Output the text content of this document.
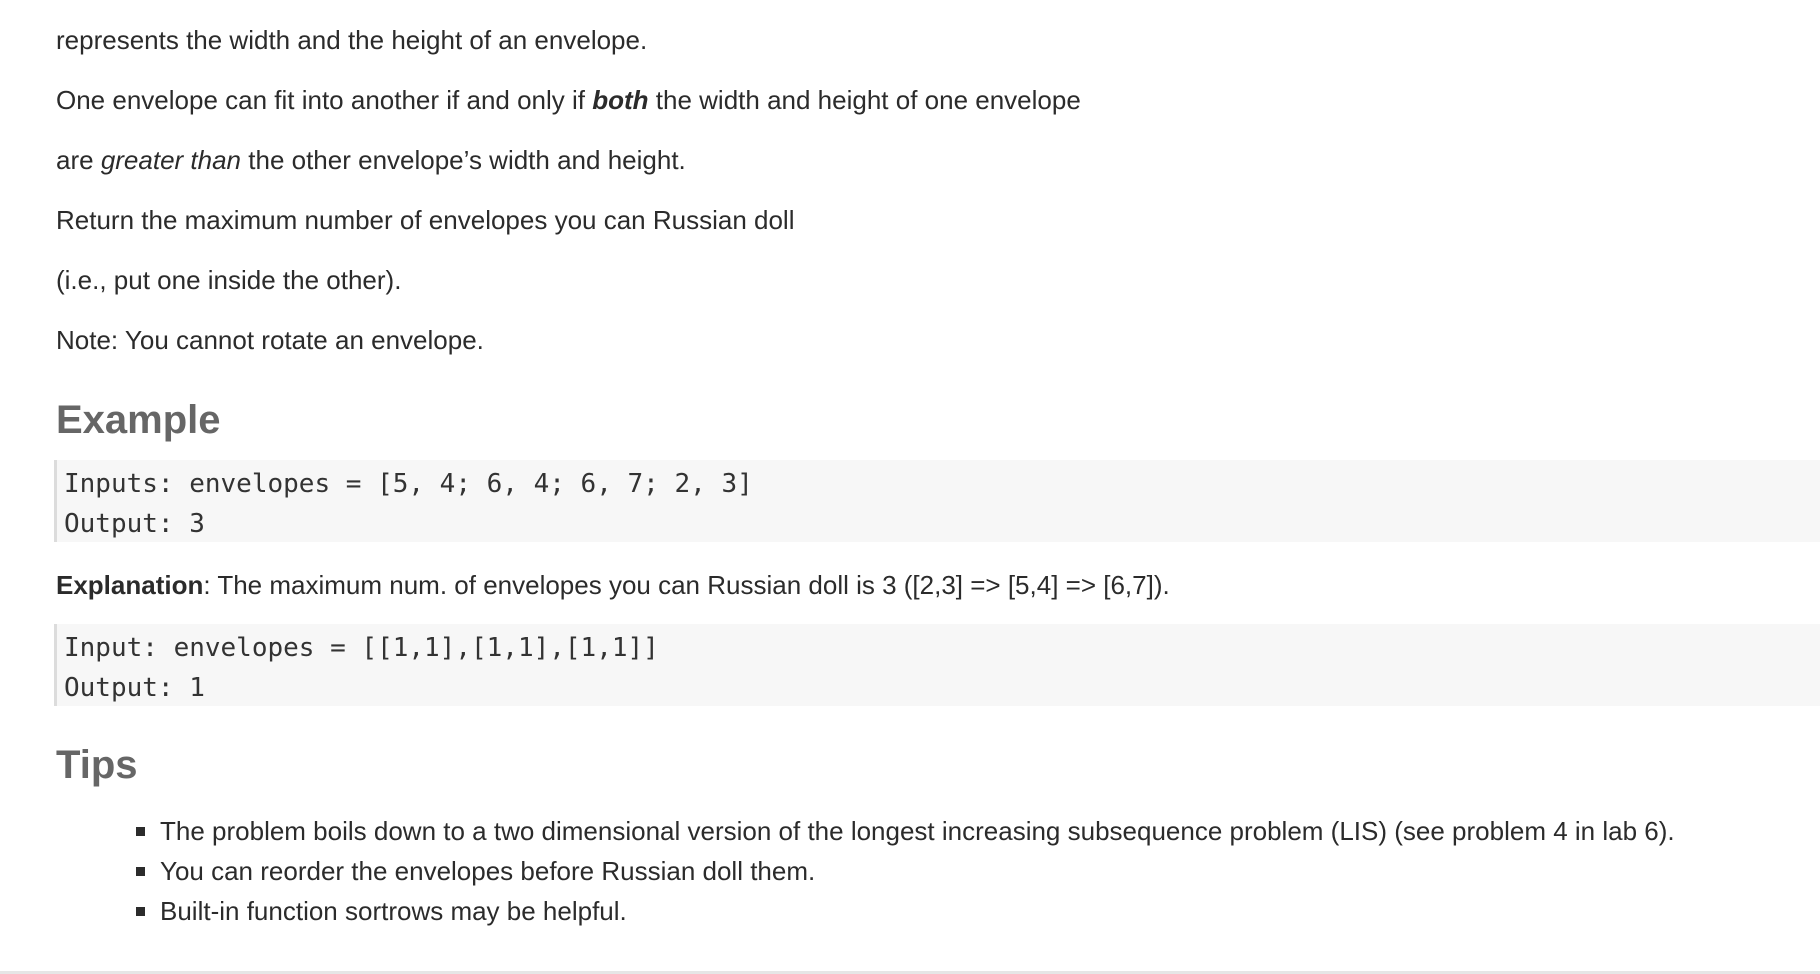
represents the width and the height of an envelope.

One envelope can fit into another if and only if both the width and height of one envelope

are greater than the other envelope’s width and height.

Return the maximum number of envelopes you can Russian doll

(i.e., put one inside the other).

Note: You cannot rotate an envelope.

Example
Inputs: envelopes = [5, 4; 6, 4; 6, 7; 2, 3]
Output: 3

Explanation: The maximum num. of envelopes you can Russian doll is 3 ([2,3] => [5,4] => [6,7]).

Input: envelopes = [[1,1],[1,1],[1,1]]
Output: 1
Tips
The problem boils down to a two dimensional version of the longest increasing subsequence problem (LIS) (see problem 4 in lab 6).
You can reorder the envelopes before Russian doll them.
Built-in function sortrows may be helpful.
